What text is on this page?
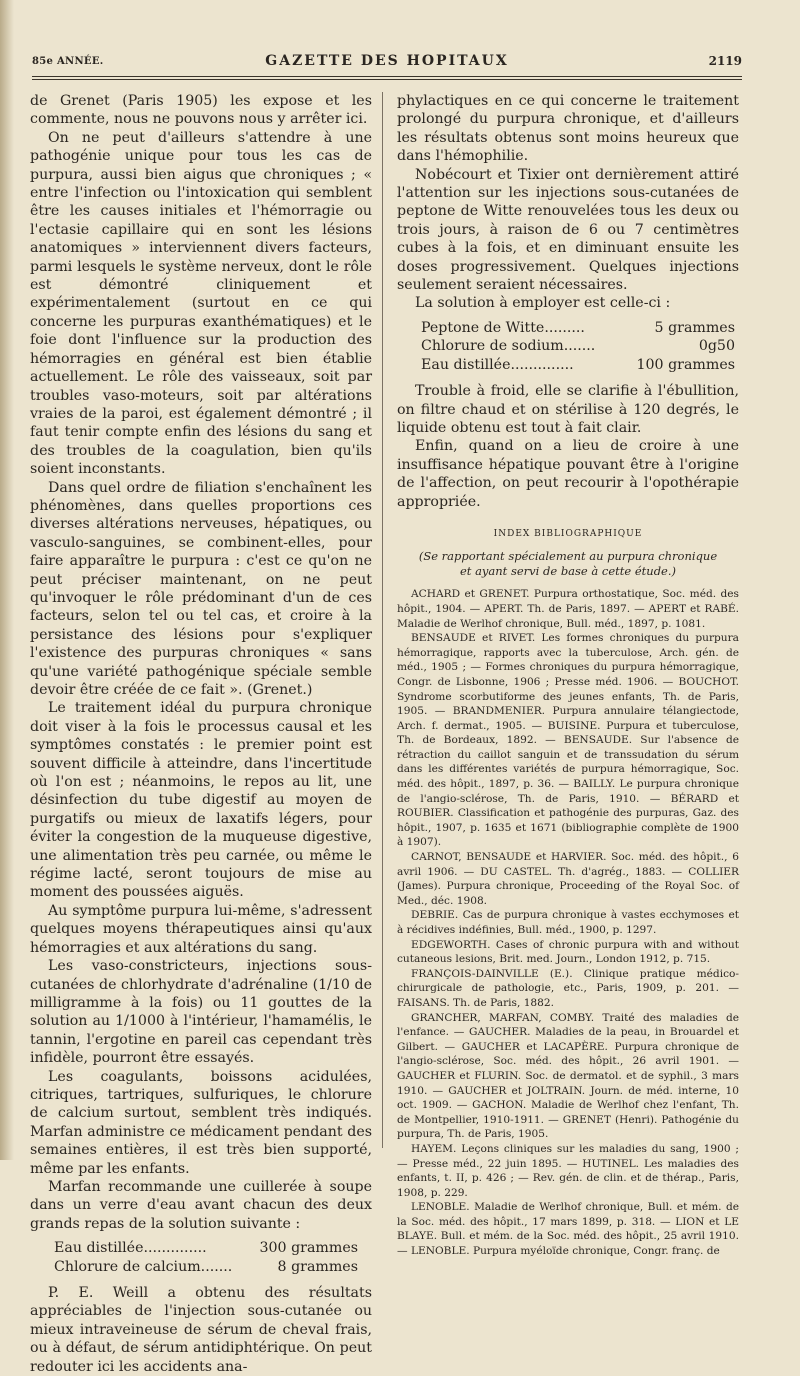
85e ANNÉE.	GAZETTE DES HOPITAUX	2119

de Grenet (Paris 1905) les expose et les commente, nous ne pouvons nous y arrêter ici.

On ne peut d'ailleurs s'attendre à une pathogénie unique pour tous les cas de purpura, aussi bien aigus que chroniques ; « entre l'infection ou l'intoxication qui semblent être les causes initiales et l'hémorragie ou l'ectasie capillaire qui en sont les lésions anatomiques » interviennent divers facteurs, parmi lesquels le système nerveux, dont le rôle est démontré cliniquement et expérimentalement (surtout en ce qui concerne les purpuras exanthématiques) et le foie dont l'influence sur la production des hémorragies en général est bien établie actuellement. Le rôle des vaisseaux, soit par troubles vaso-moteurs, soit par altérations vraies de la paroi, est également démontré ; il faut tenir compte enfin des lésions du sang et des troubles de la coagulation, bien qu'ils soient inconstants.

Dans quel ordre de filiation s'enchaînent les phénomènes, dans quelles proportions ces diverses altérations nerveuses, hépatiques, ou vasculo-sanguines, se combinent-elles, pour faire apparaître le purpura : c'est ce qu'on ne peut préciser maintenant, on ne peut qu'invoquer le rôle prédominant d'un de ces facteurs, selon tel ou tel cas, et croire à la persistance des lésions pour s'expliquer l'existence des purpuras chroniques « sans qu'une variété pathogénique spéciale semble devoir être créée de ce fait ». (Grenet.)

Le traitement idéal du purpura chronique doit viser à la fois le processus causal et les symptômes constatés : le premier point est souvent difficile à atteindre, dans l'incertitude où l'on est ; néanmoins, le repos au lit, une désinfection du tube digestif au moyen de purgatifs ou mieux de laxatifs légers, pour éviter la congestion de la muqueuse digestive, une alimentation très peu carnée, ou même le régime lacté, seront toujours de mise au moment des poussées aiguës.

Au symptôme purpura lui-même, s'adressent quelques moyens thérapeutiques ainsi qu'aux hémorragies et aux altérations du sang.

Les vaso-constricteurs, injections sous-cutanées de chlorhydrate d'adrénaline (1/10 de milligramme à la fois) ou 11 gouttes de la solution au 1/1000 à l'intérieur, l'hamamélis, le tannin, l'ergotine en pareil cas cependant très infidèle, pourront être essayés.

Les coagulants, boissons acidulées, citriques, tartriques, sulfuriques, le chlorure de calcium surtout, semblent très indiqués. Marfan administre ce médicament pendant des semaines entières, il est très bien supporté, même par les enfants.

Marfan recommande une cuillerée à soupe dans un verre d'eau avant chacun des deux grands repas de la solution suivante :

Eau distillée..............	300 grammes
Chlorure de calcium.......	8 grammes

P. E. Weill a obtenu des résultats appréciables de l'injection sous-cutanée ou mieux intraveineuse de sérum de cheval frais, ou à défaut, de sérum antidiphtérique. On peut redouter ici les accidents ana-

phylactiques en ce qui concerne le traitement prolongé du purpura chronique, et d'ailleurs les résultats obtenus sont moins heureux que dans l'hémophilie.

Nobécourt et Tixier ont dernièrement attiré l'attention sur les injections sous-cutanées de peptone de Witte renouvelées tous les deux ou trois jours, à raison de 6 ou 7 centimètres cubes à la fois, et en diminuant ensuite les doses progressivement. Quelques injections seulement seraient nécessaires.

La solution à employer est celle-ci :

Peptone de Witte.........	5 grammes
Chlorure de sodium.......	0g50
Eau distillée..............	100 grammes

Trouble à froid, elle se clarifie à l'ébullition, on filtre chaud et on stérilise à 120 degrés, le liquide obtenu est tout à fait clair.

Enfin, quand on a lieu de croire à une insuffisance hépatique pouvant être à l'origine de l'affection, on peut recourir à l'opothérapie appropriée.

INDEX BIBLIOGRAPHIQUE
(Se rapportant spécialement au purpura chronique
et ayant servi de base à cette étude.)

ACHARD et GRENET. Purpura orthostatique, Soc. méd. des hôpit., 1904. — APERT. Th. de Paris, 1897. — APERT et RABÉ. Maladie de Werlhof chronique, Bull. méd., 1897, p. 1081.

BENSAUDE et RIVET. Les formes chroniques du purpura hémorragique, rapports avec la tuberculose, Arch. gén. de méd., 1905 ; — Formes chroniques du purpura hémorragique, Congr. de Lisbonne, 1906 ; Presse méd. 1906. — BOUCHOT. Syndrome scorbutiforme des jeunes enfants, Th. de Paris, 1905. — BRANDMENIER. Purpura annulaire télangiectode, Arch. f. dermat., 1905. — BUISINE. Purpura et tuberculose, Th. de Bordeaux, 1892. — BENSAUDE. Sur l'absence de rétraction du caillot sanguin et de transsudation du sérum dans les différentes variétés de purpura hémorragique, Soc. méd. des hôpit., 1897, p. 36. — BAILLY. Le purpura chronique de l'angio-sclérose, Th. de Paris, 1910. — BÉRARD et ROUBIER. Classification et pathogénie des purpuras, Gaz. des hôpit., 1907, p. 1635 et 1671 (bibliographie complète de 1900 à 1907).

CARNOT, BENSAUDE et HARVIER. Soc. méd. des hôpit., 6 avril 1906. — DU CASTEL. Th. d'agrég., 1883. — COLLIER (James). Purpura chronique, Proceeding of the Royal Soc. of Med., déc. 1908.

DEBRIE. Cas de purpura chronique à vastes ecchymoses et à récidives indéfinies, Bull. méd., 1900, p. 1297.

EDGEWORTH. Cases of chronic purpura with and without cutaneous lesions, Brit. med. Journ., London 1912, p. 715.

FRANÇOIS-DAINVILLE (E.). Clinique pratique médico-chirurgicale de pathologie, etc., Paris, 1909, p. 201. — FAISANS. Th. de Paris, 1882.

GRANCHER, MARFAN, COMBY. Traité des maladies de l'enfance. — GAUCHER. Maladies de la peau, in Brouardel et Gilbert. — GAUCHER et LACAPÈRE. Purpura chronique de l'angio-sclérose, Soc. méd. des hôpit., 26 avril 1901. — GAUCHER et FLURIN. Soc. de dermatol. et de syphil., 3 mars 1910. — GAUCHER et JOLTRAIN. Journ. de méd. interne, 10 oct. 1909. — GACHON. Maladie de Werlhof chez l'enfant, Th. de Montpellier, 1910-1911. — GRENET (Henri). Pathogénie du purpura, Th. de Paris, 1905.

HAYEM. Leçons cliniques sur les maladies du sang, 1900 ; — Presse méd., 22 juin 1895. — HUTINEL. Les maladies des enfants, t. II, p. 426 ; — Rev. gén. de clin. et de thérap., Paris, 1908, p. 229.

LENOBLE. Maladie de Werlhof chronique, Bull. et mém. de la Soc. méd. des hôpit., 17 mars 1899, p. 318. — LION et LE BLAYE. Bull. et mém. de la Soc. méd. des hôpit., 25 avril 1910. — LENOBLE. Purpura myéloïde chronique, Congr. franç. de
